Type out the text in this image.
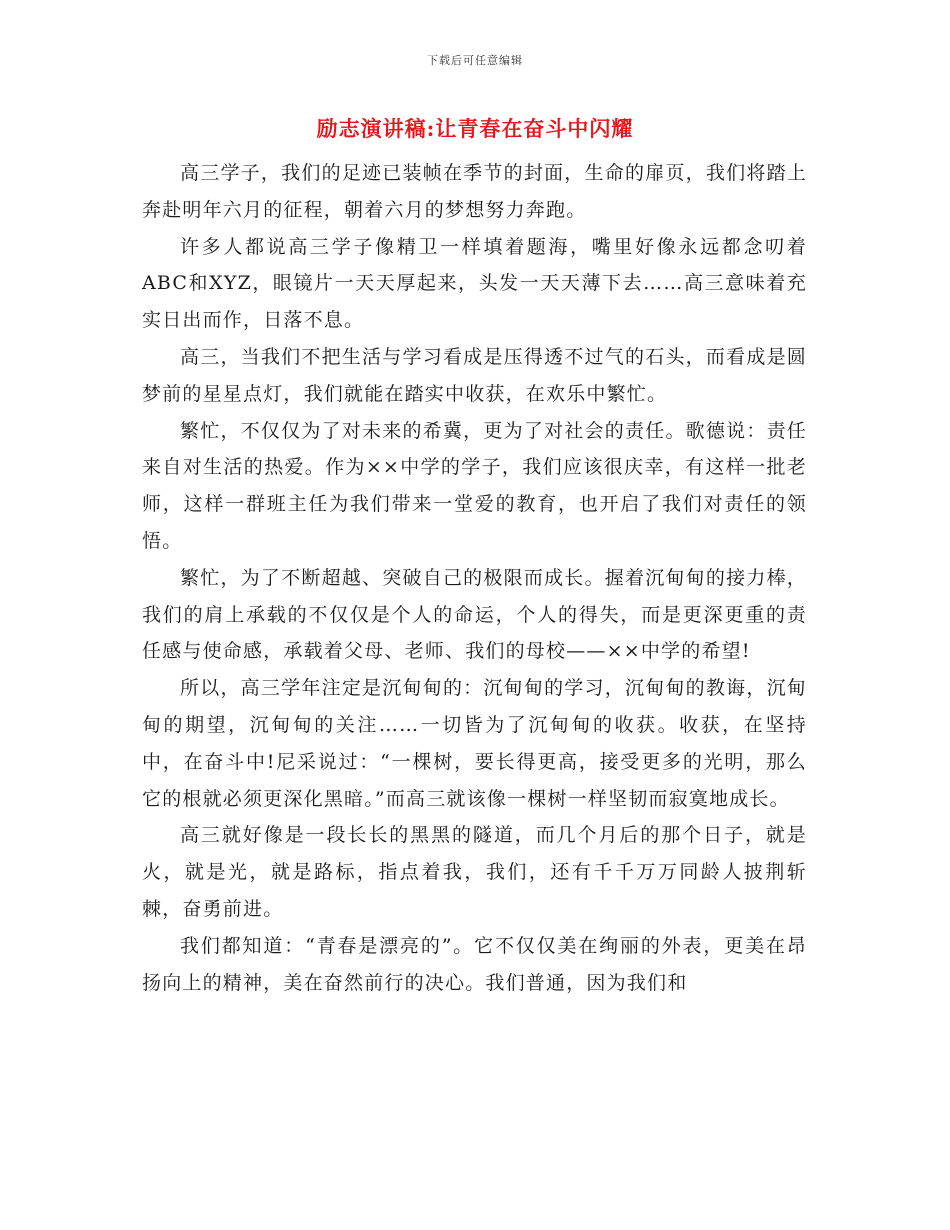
下载后可任意编辑
励志演讲稿:让青春在奋斗中闪耀

高三学子，我们的足迹已装帧在季节的封面，生命的扉页，我们将踏上奔赴明年六月的征程，朝着六月的梦想努力奔跑。

许多人都说高三学子像精卫一样填着题海，嘴里好像永远都念叨着ABC和XYZ，眼镜片一天天厚起来，头发一天天薄下去……高三意味着充实日出而作，日落不息。

高三，当我们不把生活与学习看成是压得透不过气的石头，而看成是圆梦前的星星点灯，我们就能在踏实中收获，在欢乐中繁忙。

繁忙，不仅仅为了对未来的希冀，更为了对社会的责任。歌德说：责任来自对生活的热爱。作为××中学的学子，我们应该很庆幸，有这样一批老师，这样一群班主任为我们带来一堂爱的教育，也开启了我们对责任的领悟。

繁忙，为了不断超越、突破自己的极限而成长。握着沉甸甸的接力棒，我们的肩上承载的不仅仅是个人的命运，个人的得失，而是更深更重的责任感与使命感，承载着父母、老师、我们的母校——××中学的希望!

所以，高三学年注定是沉甸甸的：沉甸甸的学习，沉甸甸的教诲，沉甸甸的期望，沉甸甸的关注……一切皆为了沉甸甸的收获。收获，在坚持中，在奋斗中!尼采说过：“一棵树，要长得更高，接受更多的光明，那么它的根就必须更深化黑暗。”而高三就该像一棵树一样坚韧而寂寞地成长。

高三就好像是一段长长的黑黑的隧道，而几个月后的那个日子，就是火，就是光，就是路标，指点着我，我们，还有千千万万同龄人披荆斩棘，奋勇前进。

我们都知道：“青春是漂亮的”。它不仅仅美在绚丽的外表，更美在昂扬向上的精神，美在奋然前行的决心。我们普通，因为我们和
